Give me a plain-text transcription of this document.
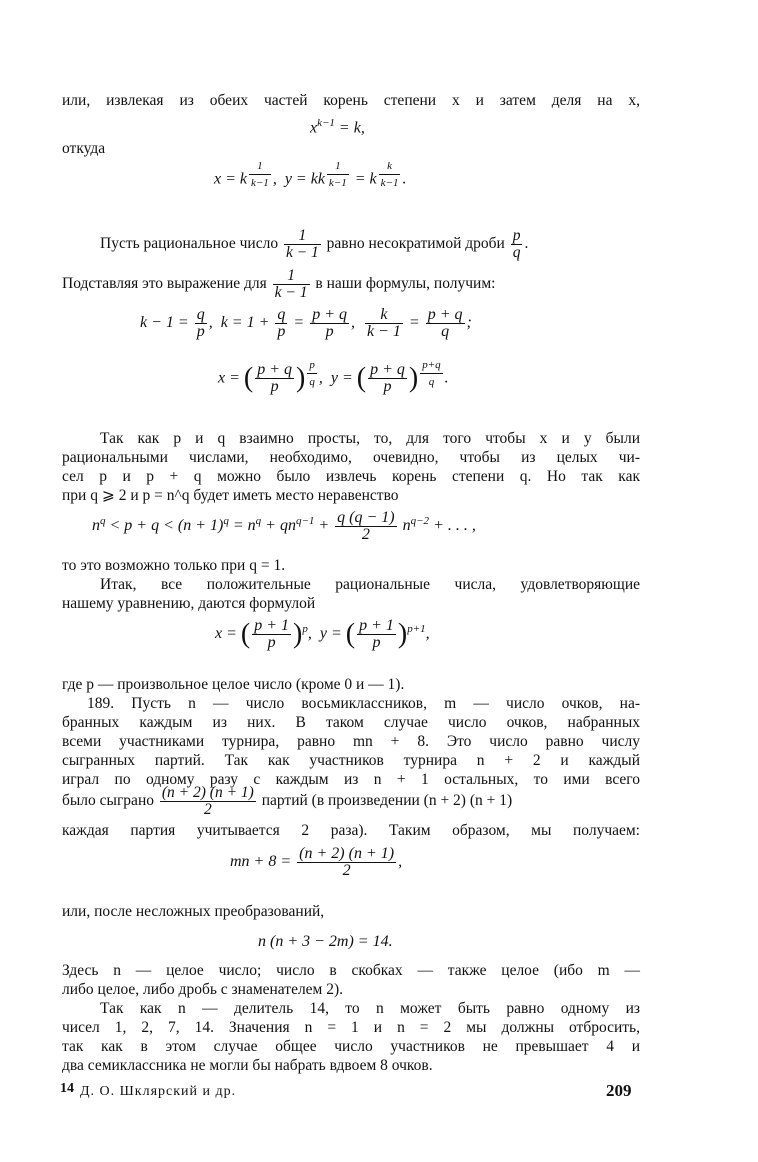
или, извлекая из обеих частей корень степени x и затем деля на x,
$x^{k-1} = k$,
откуда
x = k $^{\frac{1}{k-1}}$ ,  y = kk $^{\frac{1}{k-1}}$ = k $^{\frac{k}{k-1}}$ .
Пусть рациональное число $\frac{1}{k - 1}$ равно несократимой дроби $\frac{p}{q}$ .
Подставляя это выражение для $\frac{1}{k - 1}$ в наши формулы, получим:
$k - 1 = \frac{q}{p}$ ,  $k = 1 + \frac{q}{p} = \frac{p + q}{p}$ , $\frac{k}{k - 1} = \frac{p + q}{q}$ ;
x = ( $\frac{p + q}{p}$ ) $^{\frac{p}{q}}$ ,  y = ( $\frac{p + q}{p}$ ) $^{\frac{p+q}{q}}$ .
Так как p и q взаимно просты, то, для того чтобы x и y были
рациональными числами, необходимо, очевидно, чтобы из целых чи-
сел p и p + q можно было извлечь корень степени q. Но так как
при q ⩾ 2 и p = n^q будет иметь место неравенство
$n^q < p + q < (n + 1)^q = n^q + qn^{q-1} + \frac{q (q - 1)}{2} n^{q-2}$ + . . . ,
то это возможно только при q = 1.
Итак, все положительные рациональные числа, удовлетворяющие
нашему уравнению, даются формулой
x = ( $\frac{p + 1}{p} )^p$,  y = ( $\frac{p + 1}{p} )^{p+1}$,
где p — произвольное целое число (кроме 0 и — 1).
189. Пусть n — число восьмиклассников, m — число очков, на-
бранных каждым из них. В таком случае число очков, набранных
всеми участниками турнира, равно mn + 8. Это число равно числу
сыгранных партий. Так как участников турнира n + 2 и каждый
играл по одному разу с каждым из n + 1 остальных, то ими всего
было сыграно $\frac{(n + 2) (n + 1)}{2}$ партий (в произведении (n + 2) (n + 1)
каждая партия учитывается 2 раза). Таким образом, мы получаем:
mn + $8 = \frac{(n + 2) (n + 1)}{2}$ ,
или, после несложных преобразований,
n (n + 3 − 2m) = 14.
Здесь n — целое число; число в скобках — также целое (ибо m —
либо целое, либо дробь с знаменателем 2).
Так как n — делитель 14, то n может быть равно одному из
чисел 1, 2, 7, 14. Значения n = 1 и n = 2 мы должны отбросить,
так как в этом случае общее число участников не превышает 4 и
два семиклассника не могли бы набрать вдвоем 8 очков.
14 Д. О. Шклярский и др.	209
